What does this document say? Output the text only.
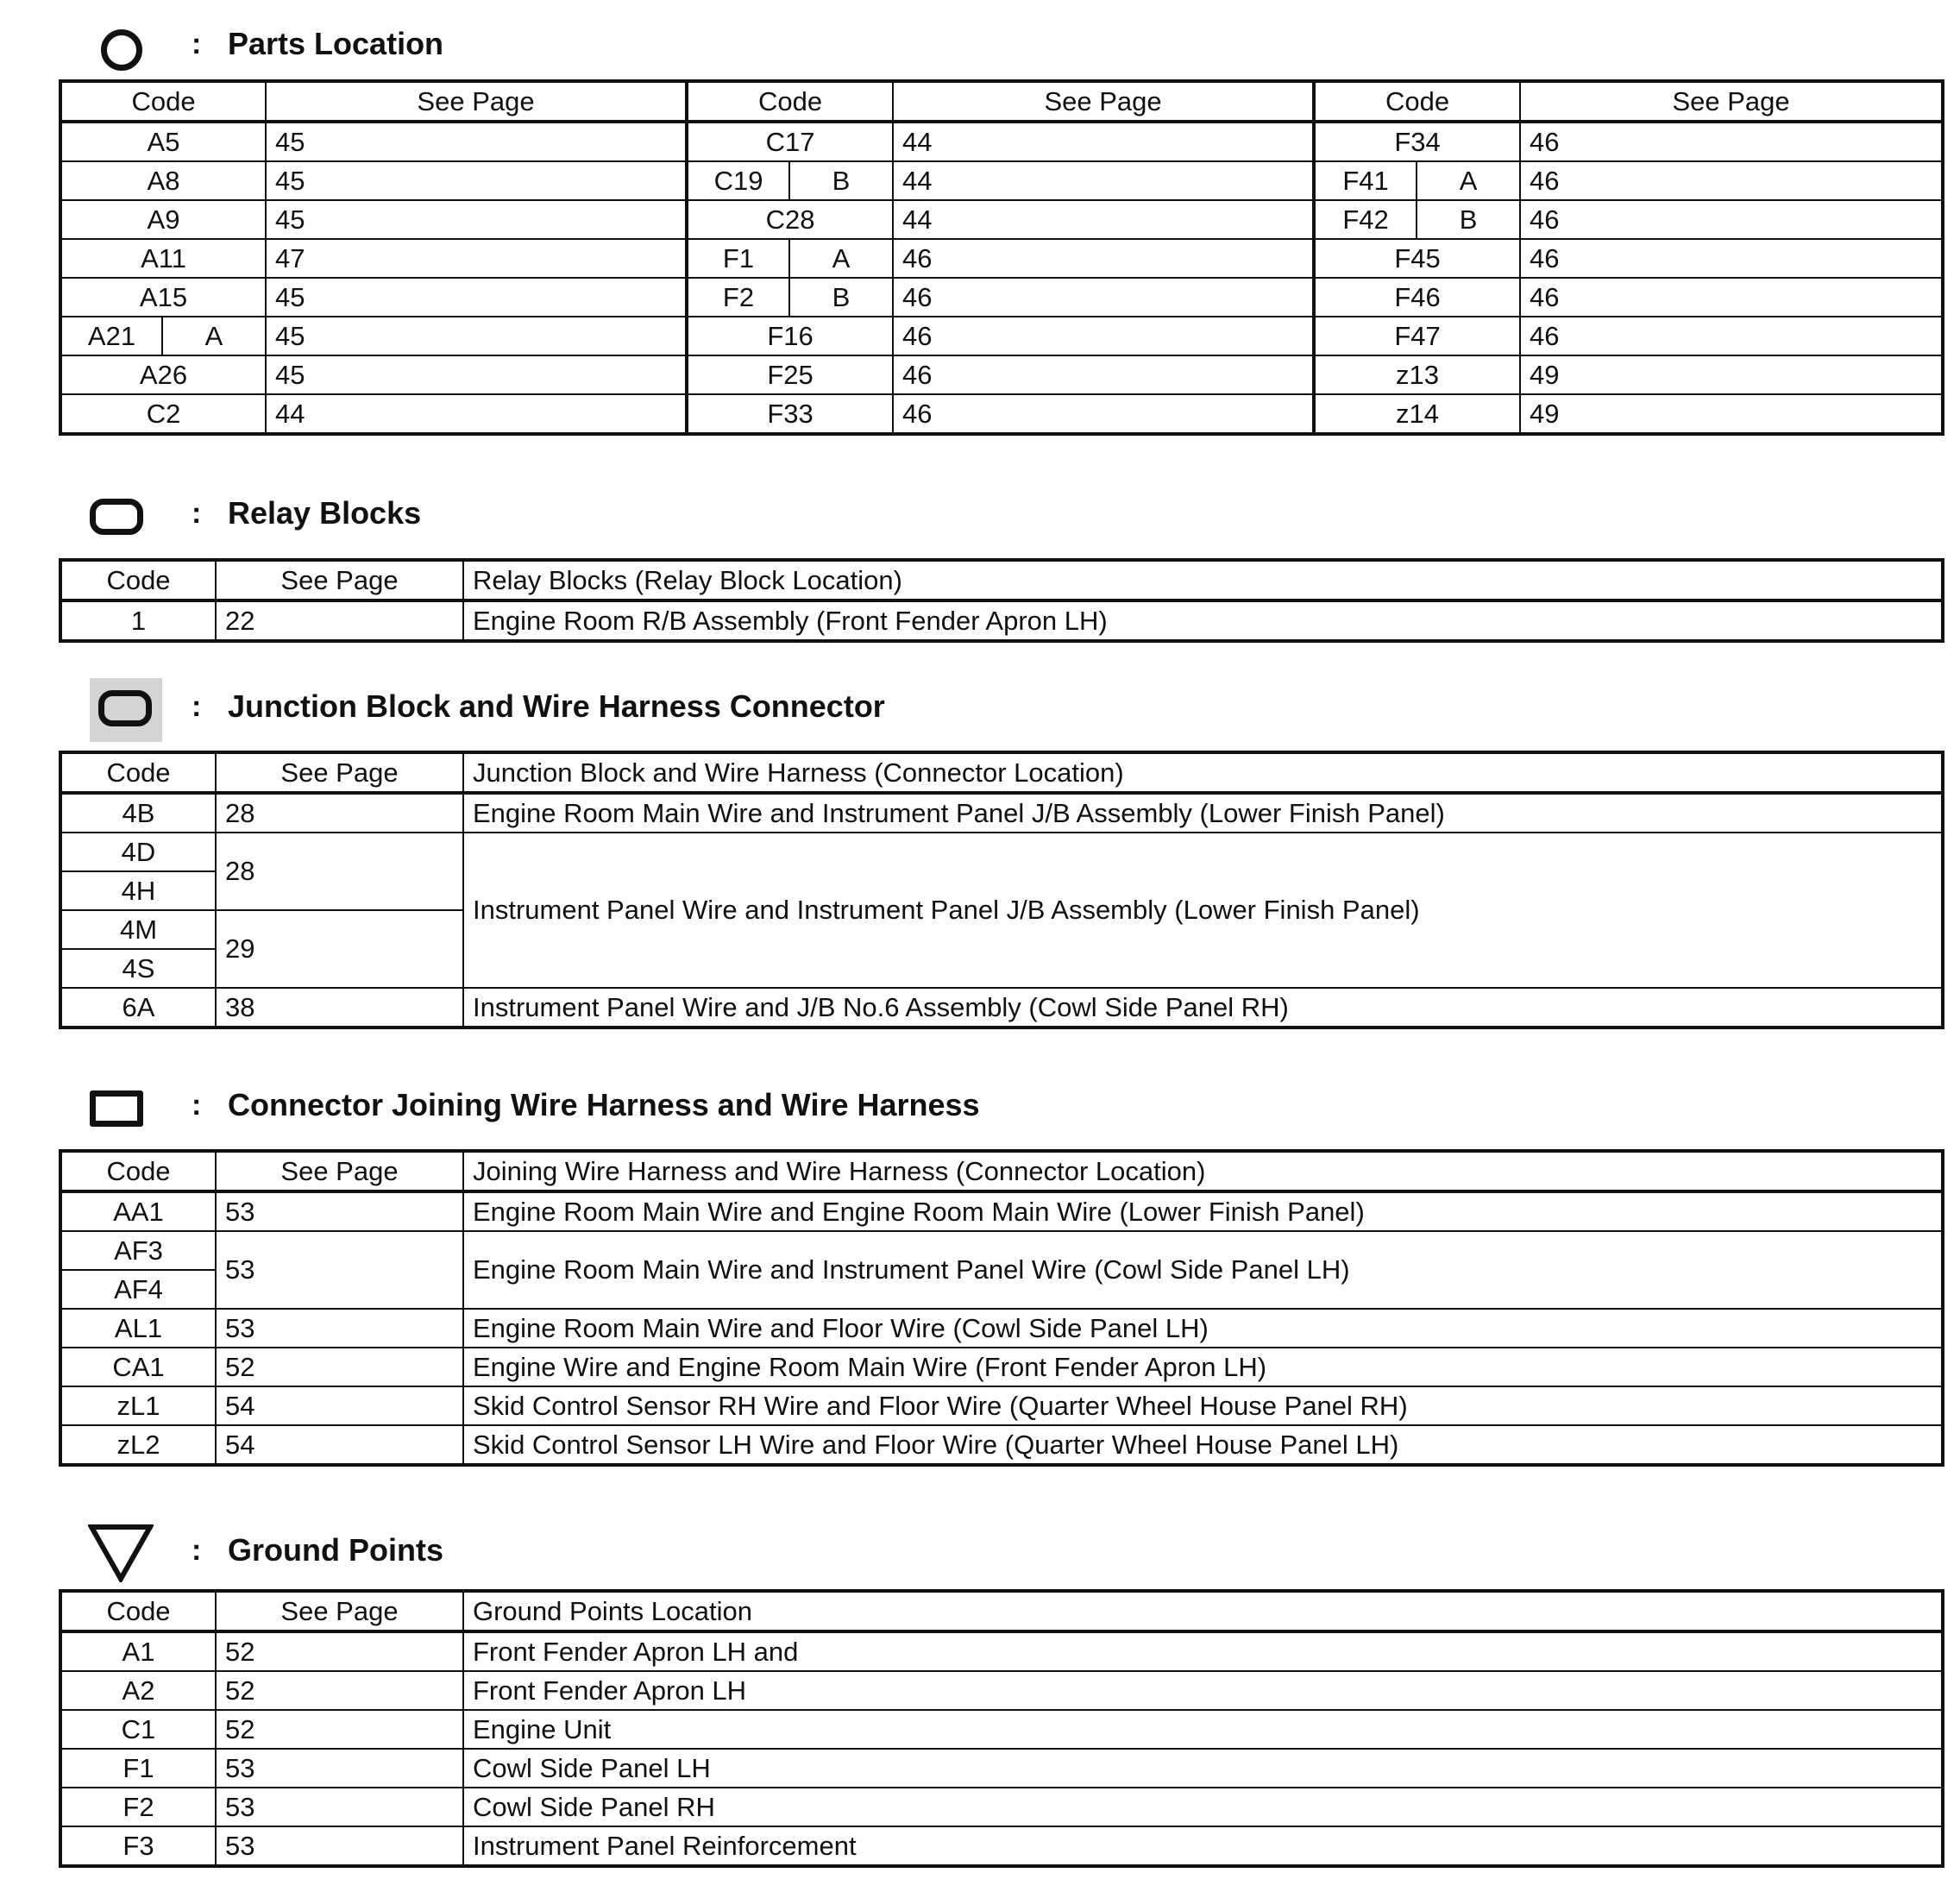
: Parts Location
Code		See Page	Code		See Page	Code		See Page
A5		45	C17		44	F34		46
A8		45	C19	B	44	F41	A	46
A9		45	C28		44	F42	B	46
A11		47	F1	A	46	F45		46
A15		45	F2	B	46	F46		46
A21	A	45	F16		46	F47		46
A26		45	F25		46	z13		49
C2		44	F33		46	z14		49
: Relay Blocks
Code	See Page	Relay Blocks (Relay Block Location)
1	22	Engine Room R/B Assembly (Front Fender Apron LH)
: Junction Block and Wire Harness Connector
Code	See Page	Junction Block and Wire Harness (Connector Location)
4B	28	Engine Room Main Wire and Instrument Panel J/B Assembly (Lower Finish Panel)
4D	28	Instrument Panel Wire and Instrument Panel J/B Assembly (Lower Finish Panel)
4H		
4M	29	
4S		
6A	38	Instrument Panel Wire and J/B No.6 Assembly (Cowl Side Panel RH)
: Connector Joining Wire Harness and Wire Harness
Code	See Page	Joining Wire Harness and Wire Harness (Connector Location)
AA1	53	Engine Room Main Wire and Engine Room Main Wire (Lower Finish Panel)
AF3	53	Engine Room Main Wire and Instrument Panel Wire (Cowl Side Panel LH)
AF4		
AL1	53	Engine Room Main Wire and Floor Wire (Cowl Side Panel LH)
CA1	52	Engine Wire and Engine Room Main Wire (Front Fender Apron LH)
zL1	54	Skid Control Sensor RH Wire and Floor Wire (Quarter Wheel House Panel RH)
zL2	54	Skid Control Sensor LH Wire and Floor Wire (Quarter Wheel House Panel LH)
: Ground Points
Code	See Page	Ground Points Location
A1	52	Front Fender Apron LH and
A2	52	Front Fender Apron LH
C1	52	Engine Unit
F1	53	Cowl Side Panel LH
F2	53	Cowl Side Panel RH
F3	53	Instrument Panel Reinforcement
